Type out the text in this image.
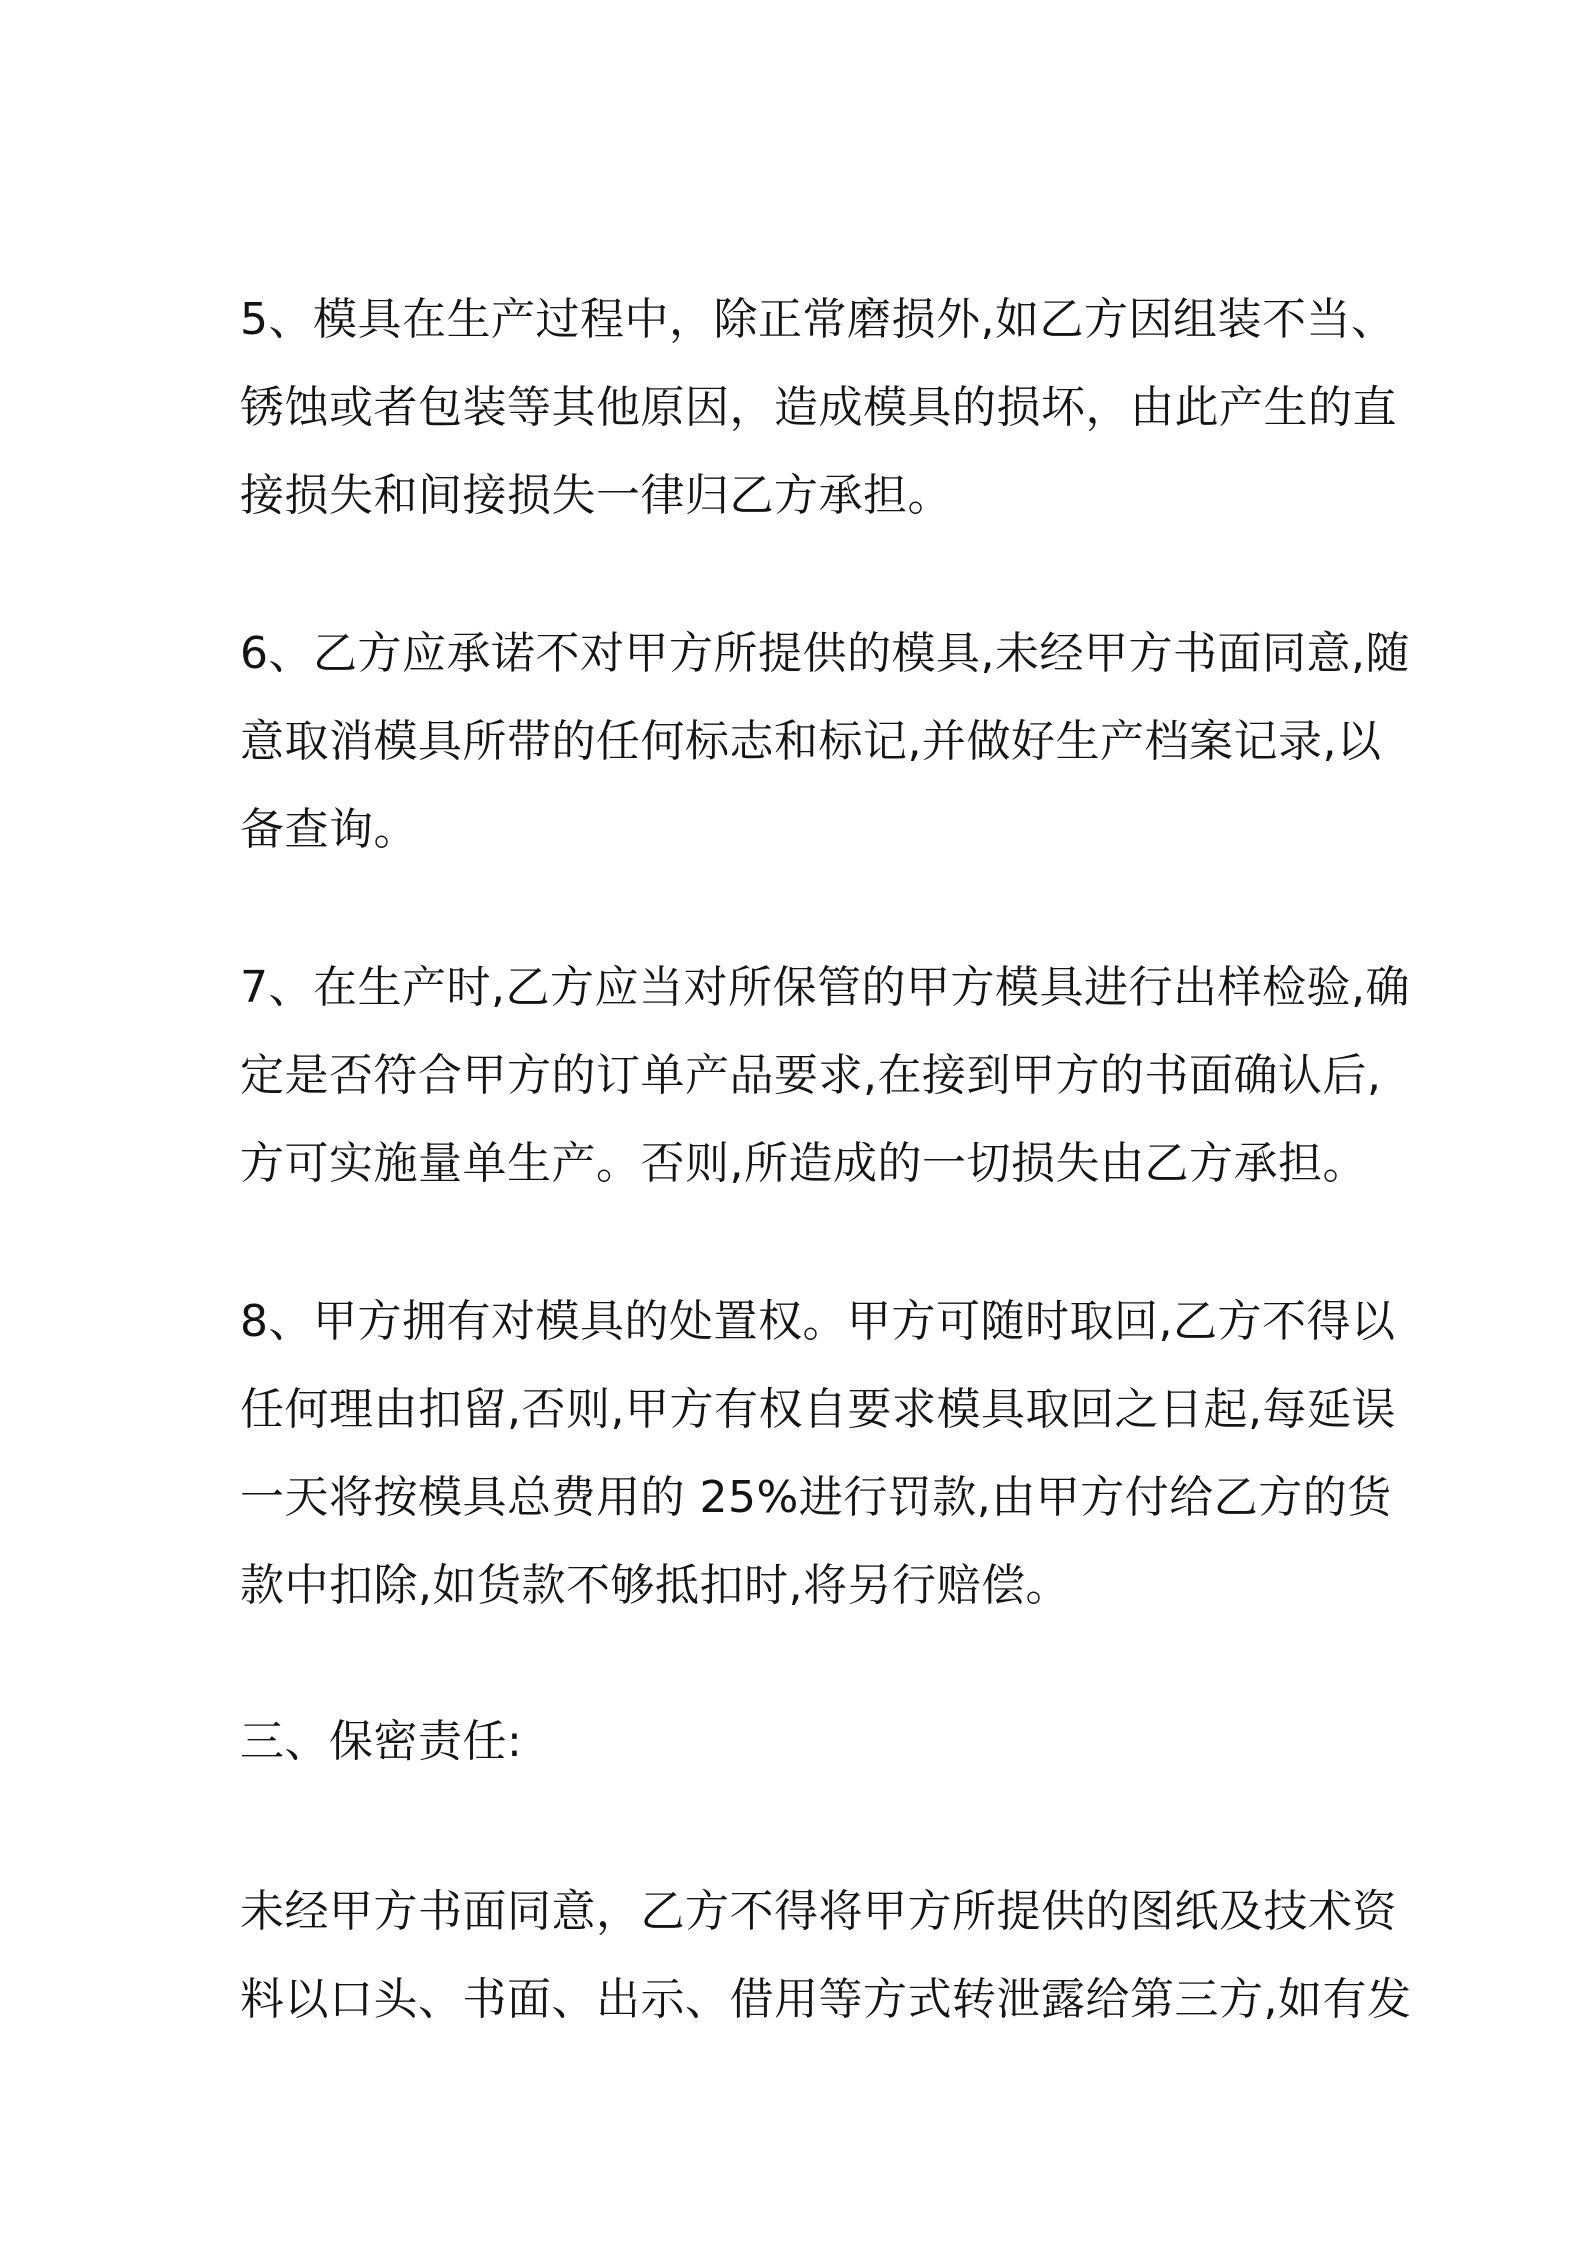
5、模具在生产过程中，除正常磨损外,如乙方因组装不当、
锈蚀或者包装等其他原因，造成模具的损坏，由此产生的直
接损失和间接损失一律归乙方承担。
6、乙方应承诺不对甲方所提供的模具,未经甲方书面同意,随
意取消模具所带的任何标志和标记,并做好生产档案记录,以
备查询。
7、在生产时,乙方应当对所保管的甲方模具进行出样检验,确
定是否符合甲方的订单产品要求,在接到甲方的书面确认后,
方可实施量单生产。否则,所造成的一切损失由乙方承担。
8、甲方拥有对模具的处置权。甲方可随时取回,乙方不得以
任何理由扣留,否则,甲方有权自要求模具取回之日起,每延误
一天将按模具总费用的 25%进行罚款,由甲方付给乙方的货
款中扣除,如货款不够抵扣时,将另行赔偿。
三、保密责任:
未经甲方书面同意，乙方不得将甲方所提供的图纸及技术资
料以口头、书面、出示、借用等方式转泄露给第三方,如有发
